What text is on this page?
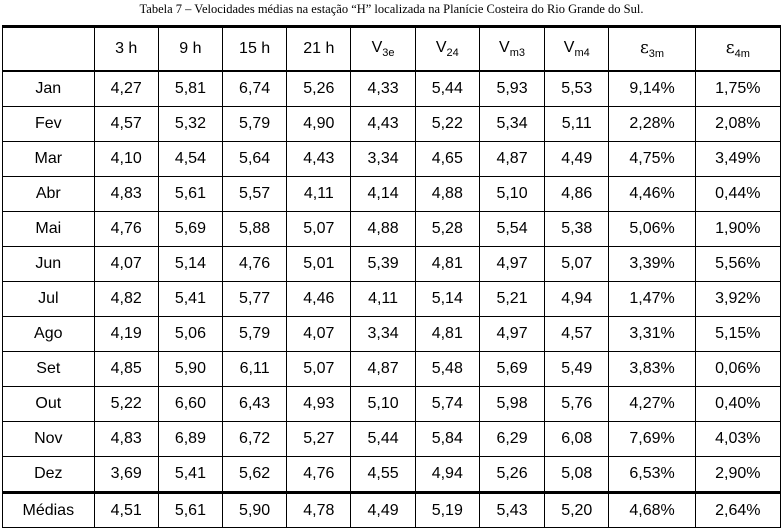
Tabela 7 – Velocidades médias na estação “H” localizada na Planície Costeira do Rio Grande do Sul.
	3 h	9 h	15 h	21 h	$V_{3e}$	$V_{24}$	$V_{m3}$	$V_{m4}$	$\varepsilon_{3m}$	$\varepsilon_{4m}$
Jan	4,27	5,81	6,74	5,26	4,33	5,44	5,93	5,53	9,14%	1,75%
Fev	4,57	5,32	5,79	4,90	4,43	5,22	5,34	5,11	2,28%	2,08%
Mar	4,10	4,54	5,64	4,43	3,34	4,65	4,87	4,49	4,75%	3,49%
Abr	4,83	5,61	5,57	4,11	4,14	4,88	5,10	4,86	4,46%	0,44%
Mai	4,76	5,69	5,88	5,07	4,88	5,28	5,54	5,38	5,06%	1,90%
Jun	4,07	5,14	4,76	5,01	5,39	4,81	4,97	5,07	3,39%	5,56%
Jul	4,82	5,41	5,77	4,46	4,11	5,14	5,21	4,94	1,47%	3,92%
Ago	4,19	5,06	5,79	4,07	3,34	4,81	4,97	4,57	3,31%	5,15%
Set	4,85	5,90	6,11	5,07	4,87	5,48	5,69	5,49	3,83%	0,06%
Out	5,22	6,60	6,43	4,93	5,10	5,74	5,98	5,76	4,27%	0,40%
Nov	4,83	6,89	6,72	5,27	5,44	5,84	6,29	6,08	7,69%	4,03%
Dez	3,69	5,41	5,62	4,76	4,55	4,94	5,26	5,08	6,53%	2,90%
Médias	4,51	5,61	5,90	4,78	4,49	5,19	5,43	5,20	4,68%	2,64%
